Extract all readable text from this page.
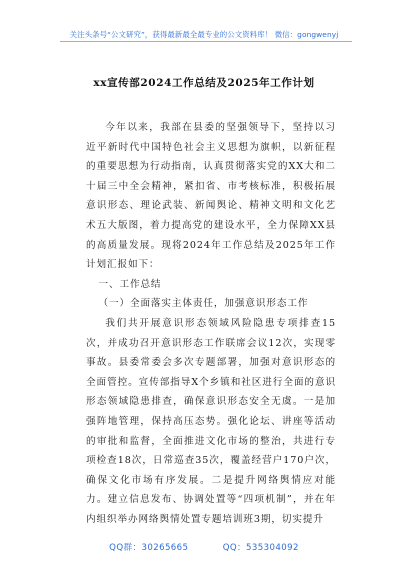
关注头条号“公文研究”，获得最新最全最专业的公文资料库！ 微信：gongwenyj
xx宣传部2024工作总结及2025年工作计划

今年以来，我部在县委的坚强领导下，坚持以习近平新时代中国特色社会主义思想为旗帜，以新征程的重要思想为行动指南，认真贯彻落实党的XX大和二十届三中全会精神，紧扣省、市考核标准，积极拓展意识形态、理论武装、新闻舆论、精神文明和文化艺术五大版图，着力提高党的建设水平，全力保障XX县的高质量发展。现将2024年工作总结及2025年工作计划汇报如下：

一、工作总结

（一）全面落实主体责任，加强意识形态工作

我们共开展意识形态领域风险隐患专项排查15次，并成功召开意识形态工作联席会议12次，实现零事故。县委常委会多次专题部署，加强对意识形态的全面管控。宣传部指导X个乡镇和社区进行全面的意识形态领域隐患排查，确保意识形态安全无虞。一是加强阵地管理，保持高压态势。强化论坛、讲座等活动的审批和监督，全面推进文化市场的整治，共进行专项检查18次，日常巡查35次，覆盖经营户170户次，确保文化市场有序发展。二是提升网络舆情应对能力。建立信息发布、协调处置等“四项机制”，并在年内组织举办网络舆情处置专题培训班3期，切实提升

QQ群：30265665	QQ：535304092
